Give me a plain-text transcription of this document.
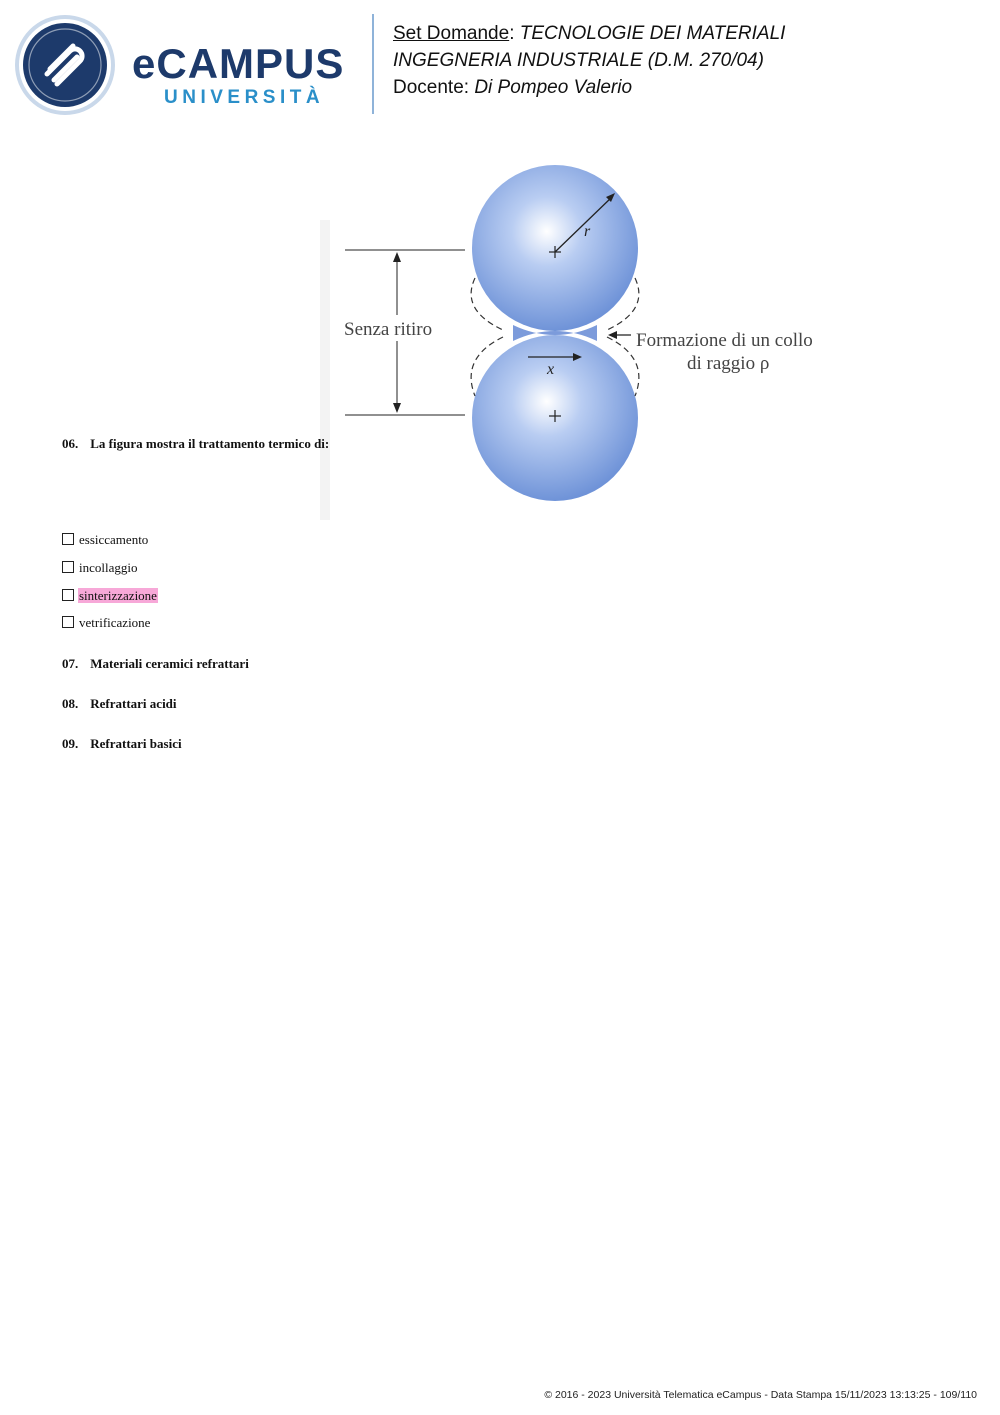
eCAMPUS
UNIVERSITÀ
Set Domande: TECNOLOGIE DEI MATERIALI
INGEGNERIA INDUSTRIALE (D.M. 270/04)
Docente: Di Pompeo Valerio
r
x
Senza ritiro
Formazione di un collo
di raggio ρ
06. La figura mostra il trattamento termico di:
essiccamento
incollaggio
sinterizzazione
vetrificazione
07. Materiali ceramici refrattari
08. Refrattari acidi
09. Refrattari basici
© 2016 - 2023 Università Telematica eCampus - Data Stampa 15/11/2023 13:13:25 - 109/110
